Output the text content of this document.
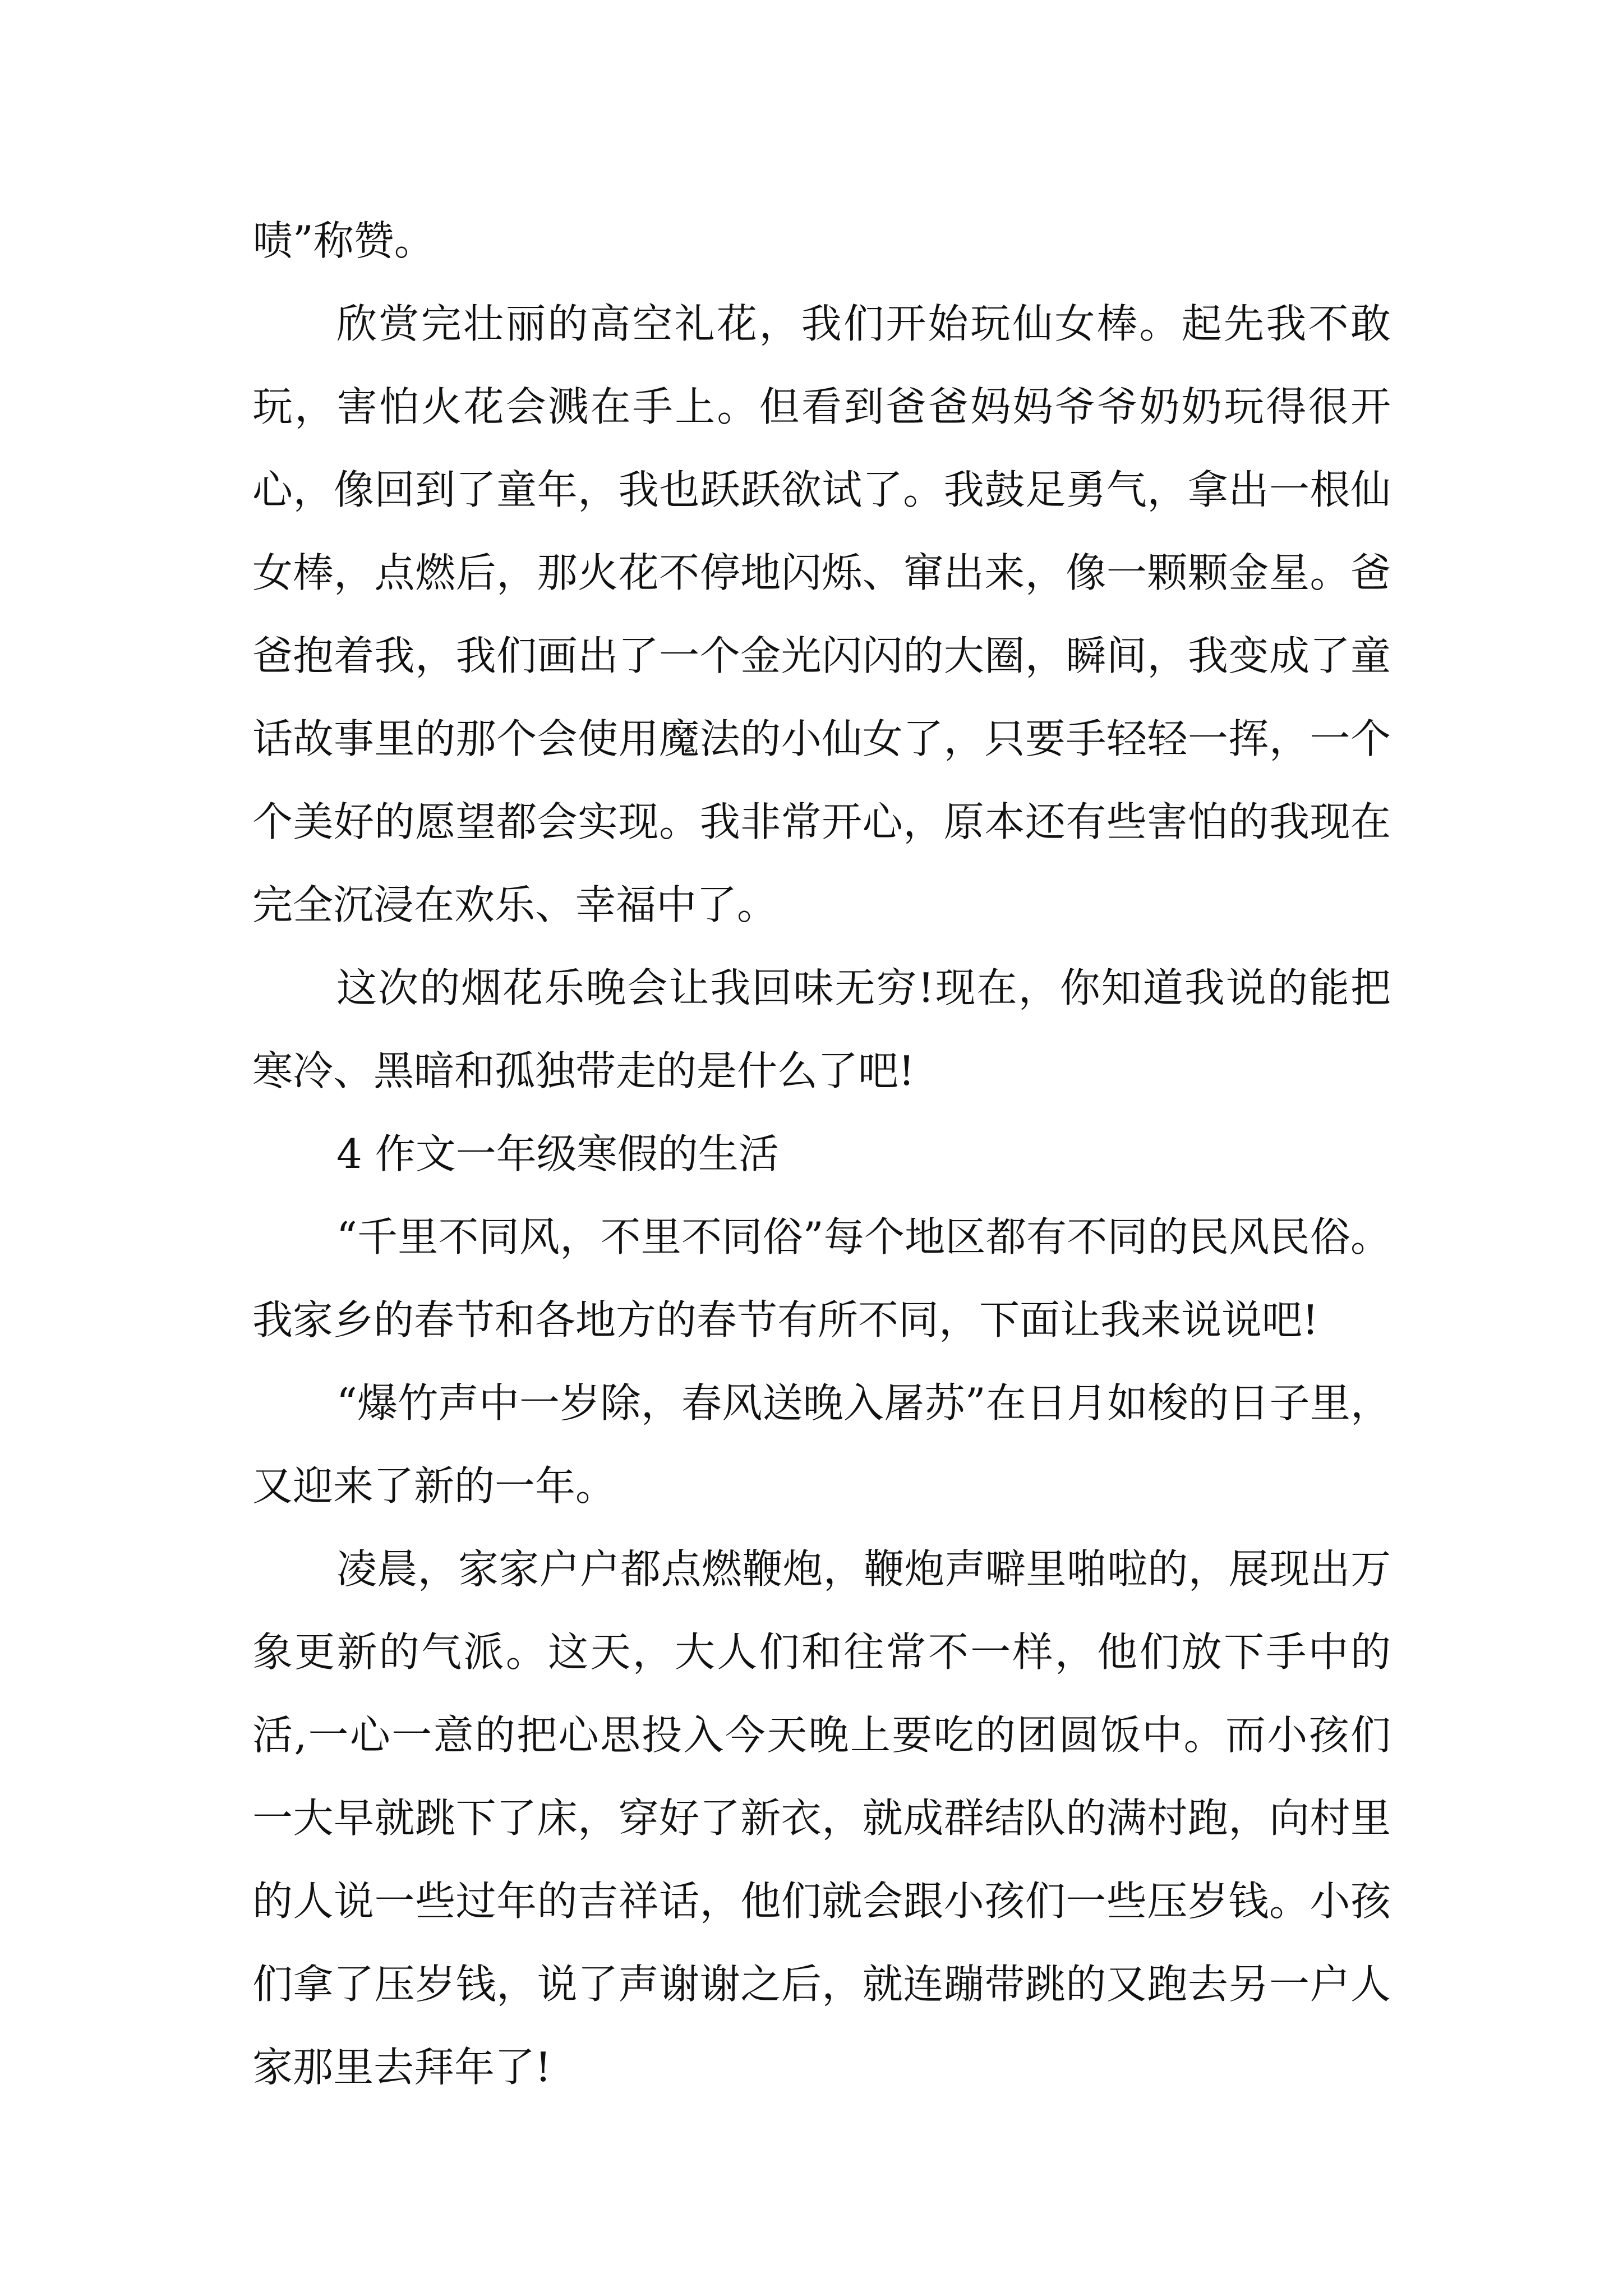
啧”称赞。

欣赏完壮丽的高空礼花，我们开始玩仙女棒。起先我不敢玩，害怕火花会溅在手上。但看到爸爸妈妈爷爷奶奶玩得很开心，像回到了童年，我也跃跃欲试了。我鼓足勇气，拿出一根仙女棒，点燃后，那火花不停地闪烁、窜出来，像一颗颗金星。爸爸抱着我，我们画出了一个金光闪闪的大圈，瞬间，我变成了童话故事里的那个会使用魔法的小仙女了，只要手轻轻一挥，一个个美好的愿望都会实现。我非常开心，原本还有些害怕的我现在完全沉浸在欢乐、幸福中了。

这次的烟花乐晚会让我回味无穷!现在，你知道我说的能把寒冷、黑暗和孤独带走的是什么了吧!

4 作文一年级寒假的生活

“千里不同风，不里不同俗”每个地区都有不同的民风民俗。我家乡的春节和各地方的春节有所不同，下面让我来说说吧!

“爆竹声中一岁除，春风送晚入屠苏”在日月如梭的日子里，又迎来了新的一年。

凌晨，家家户户都点燃鞭炮，鞭炮声噼里啪啦的，展现出万象更新的气派。这天，大人们和往常不一样，他们放下手中的活,一心一意的把心思投入今天晚上要吃的团圆饭中。而小孩们一大早就跳下了床，穿好了新衣，就成群结队的满村跑，向村里的人说一些过年的吉祥话，他们就会跟小孩们一些压岁钱。小孩们拿了压岁钱，说了声谢谢之后，就连蹦带跳的又跑去另一户人家那里去拜年了!
